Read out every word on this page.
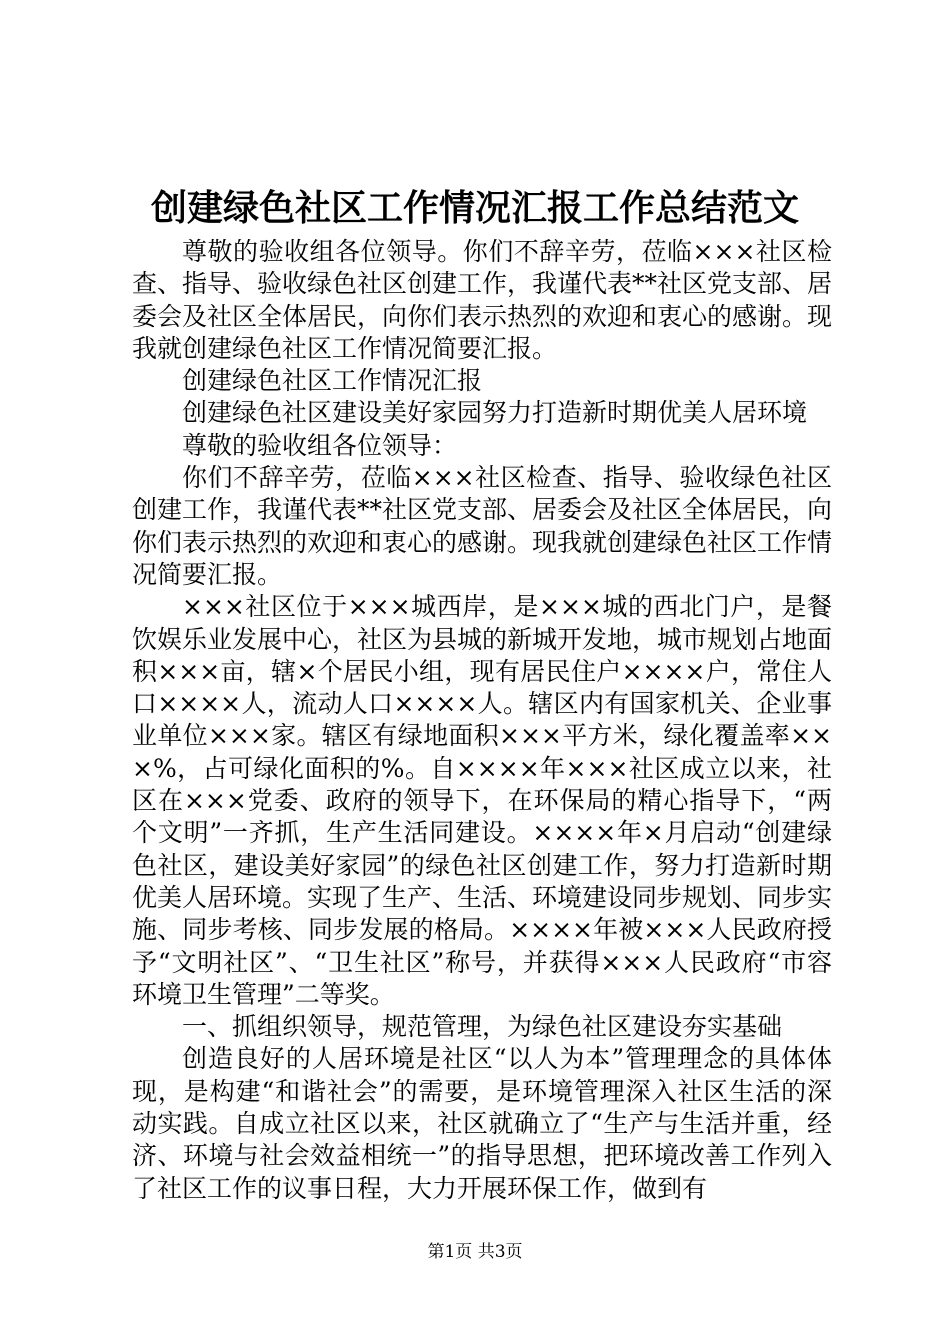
创建绿色社区工作情况汇报工作总结范文

尊敬的验收组各位领导。你们不辞辛劳，莅临×××社区检查、指导、验收绿色社区创建工作，我谨代表**社区党支部、居委会及社区全体居民，向你们表示热烈的欢迎和衷心的感谢。现我就创建绿色社区工作情况简要汇报。

创建绿色社区工作情况汇报

创建绿色社区建设美好家园努力打造新时期优美人居环境

尊敬的验收组各位领导：

你们不辞辛劳，莅临×××社区检查、指导、验收绿色社区创建工作，我谨代表**社区党支部、居委会及社区全体居民，向你们表示热烈的欢迎和衷心的感谢。现我就创建绿色社区工作情况简要汇报。

×××社区位于×××城西岸，是×××城的西北门户，是餐饮娱乐业发展中心，社区为县城的新城开发地，城市规划占地面积×××亩，辖×个居民小组，现有居民住户××××户，常住人口××××人，流动人口××××人。辖区内有国家机关、企业事业单位×××家。辖区有绿地面积×××平方米，绿化覆盖率×××%，占可绿化面积的%。自××××年×××社区成立以来，社区在×××党委、政府的领导下，在环保局的精心指导下，“两个文明”一齐抓，生产生活同建设。××××年×月启动“创建绿色社区，建设美好家园”的绿色社区创建工作，努力打造新时期优美人居环境。实现了生产、生活、环境建设同步规划、同步实施、同步考核、同步发展的格局。××××年被×××人民政府授予“文明社区”、“卫生社区”称号，并获得×××人民政府“市容环境卫生管理”二等奖。

一、抓组织领导，规范管理，为绿色社区建设夯实基础

创造良好的人居环境是社区“以人为本”管理理念的具体体现，是构建“和谐社会”的需要，是环境管理深入社区生活的深动实践。自成立社区以来，社区就确立了“生产与生活并重，经济、环境与社会效益相统一”的指导思想，把环境改善工作列入了社区工作的议事日程，大力开展环保工作，做到有

第1页 共3页
